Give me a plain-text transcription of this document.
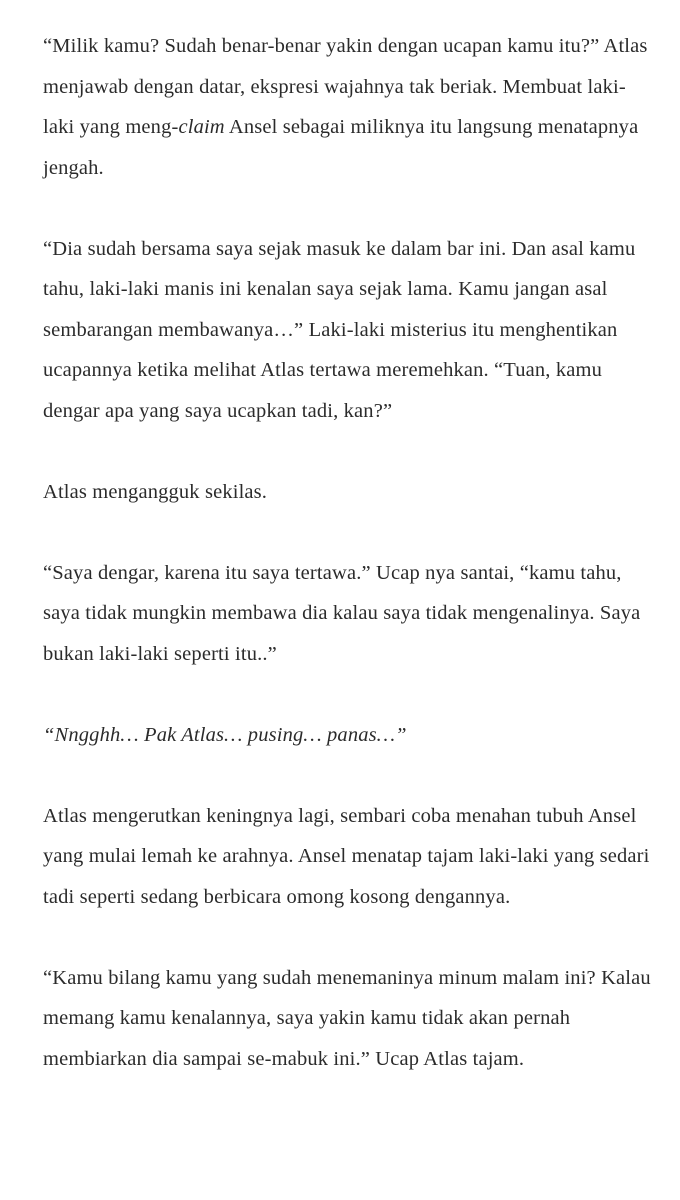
“Milik kamu? Sudah benar-benar yakin dengan ucapan kamu itu?” Atlas menjawab dengan datar, ekspresi wajahnya tak beriak. Membuat laki-laki yang meng-claim Ansel sebagai miliknya itu langsung menatapnya jengah.

“Dia sudah bersama saya sejak masuk ke dalam bar ini. Dan asal kamu tahu, laki-laki manis ini kenalan saya sejak lama. Kamu jangan asal sembarangan membawanya…” Laki-laki misterius itu menghentikan ucapannya ketika melihat Atlas tertawa meremehkan. “Tuan, kamu dengar apa yang saya ucapkan tadi, kan?”

Atlas mengangguk sekilas.

“Saya dengar, karena itu saya tertawa.” Ucap nya santai, “kamu tahu, saya tidak mungkin membawa dia kalau saya tidak mengenalinya. Saya bukan laki-laki seperti itu..”

“Nngghh… Pak Atlas… pusing… panas…”

Atlas mengerutkan keningnya lagi, sembari coba menahan tubuh Ansel yang mulai lemah ke arahnya. Ansel menatap tajam laki-laki yang sedari tadi seperti sedang berbicara omong kosong dengannya.

“Kamu bilang kamu yang sudah menemaninya minum malam ini? Kalau memang kamu kenalannya, saya yakin kamu tidak akan pernah membiarkan dia sampai se-mabuk ini.” Ucap Atlas tajam.
